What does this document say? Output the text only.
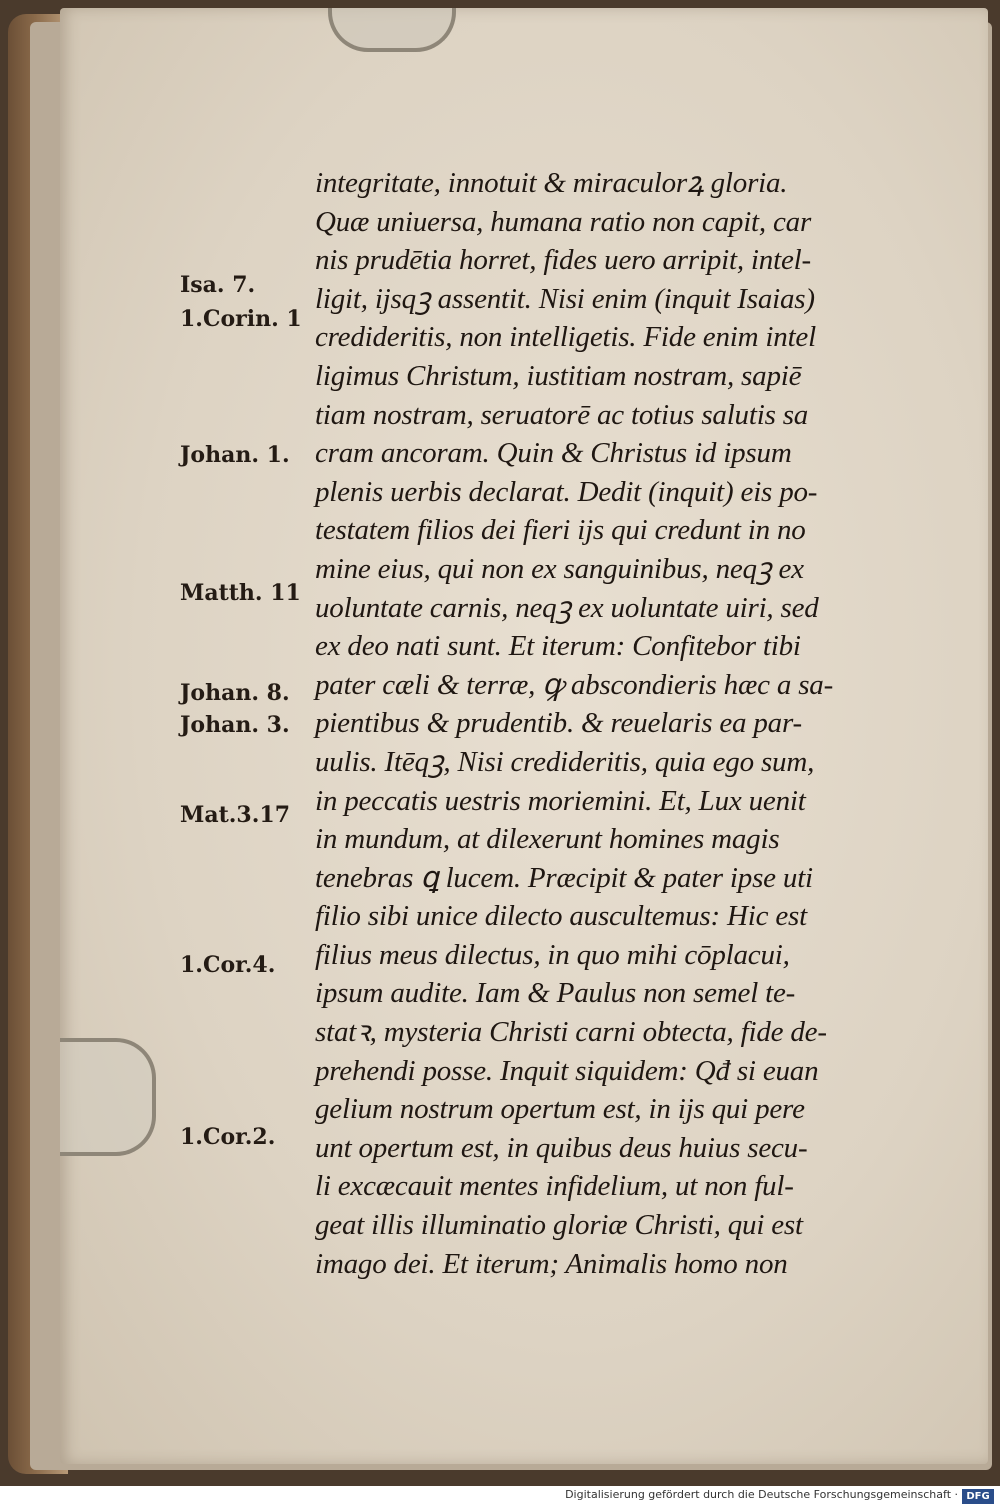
Isa. 7.
1.Corin. 1
Johan. 1.
Matth. 11
Johan. 8.
Johan. 3.
Mat.3.17
1.Cor.4.
1.Cor.2.
integritate, innotuit & miraculorꝝ gloria.
Quæ uniuersa, humana ratio non capit, car
nis prudētia horret, fides uero arripit, intel-
ligit, ijsqꝫ assentit. Nisi enim (inquit Isaias)
credideritis, non intelligetis. Fide enim intel
ligimus Christum, iustitiam nostram, sapiē
tiam nostram, seruatorē ac totius salutis sa
cram ancoram. Quin & Christus id ipsum
plenis uerbis declarat. Dedit (inquit) eis po-
testatem filios dei fieri ijs qui credunt in no
mine eius, qui non ex sanguinibus, neqꝫ ex
uoluntate carnis, neqꝫ ex uoluntate uiri, sed
ex deo nati sunt. Et iterum: Confitebor tibi
pater cæli & terræ, ꝙ abscondieris hæc a sa-
pientibus & prudentib. & reuelaris ea par-
uulis. Itēqꝫ, Nisi credideritis, quia ego sum,
in peccatis uestris moriemini. Et, Lux uenit
in mundum, at dilexerunt homines magis
tenebras ꝗ lucem. Præcipit & pater ipse uti
filio sibi unice dilecto auscultemus: Hic est
filius meus dilectus, in quo mihi cōplacui,
ipsum audite. Iam & Paulus non semel te-
statꝛ, mysteria Christi carni obtecta, fide de-
prehendi posse. Inquit siquidem: Qđ si euan
gelium nostrum opertum est, in ijs qui pere
unt opertum est, in quibus deus huius secu-
li excæcauit mentes infidelium, ut non ful-
geat illis illuminatio gloriæ Christi, qui est
imago dei. Et iterum; Animalis homo non
Digitalisierung gefördert durch die Deutsche Forschungsgemeinschaft · DFG
